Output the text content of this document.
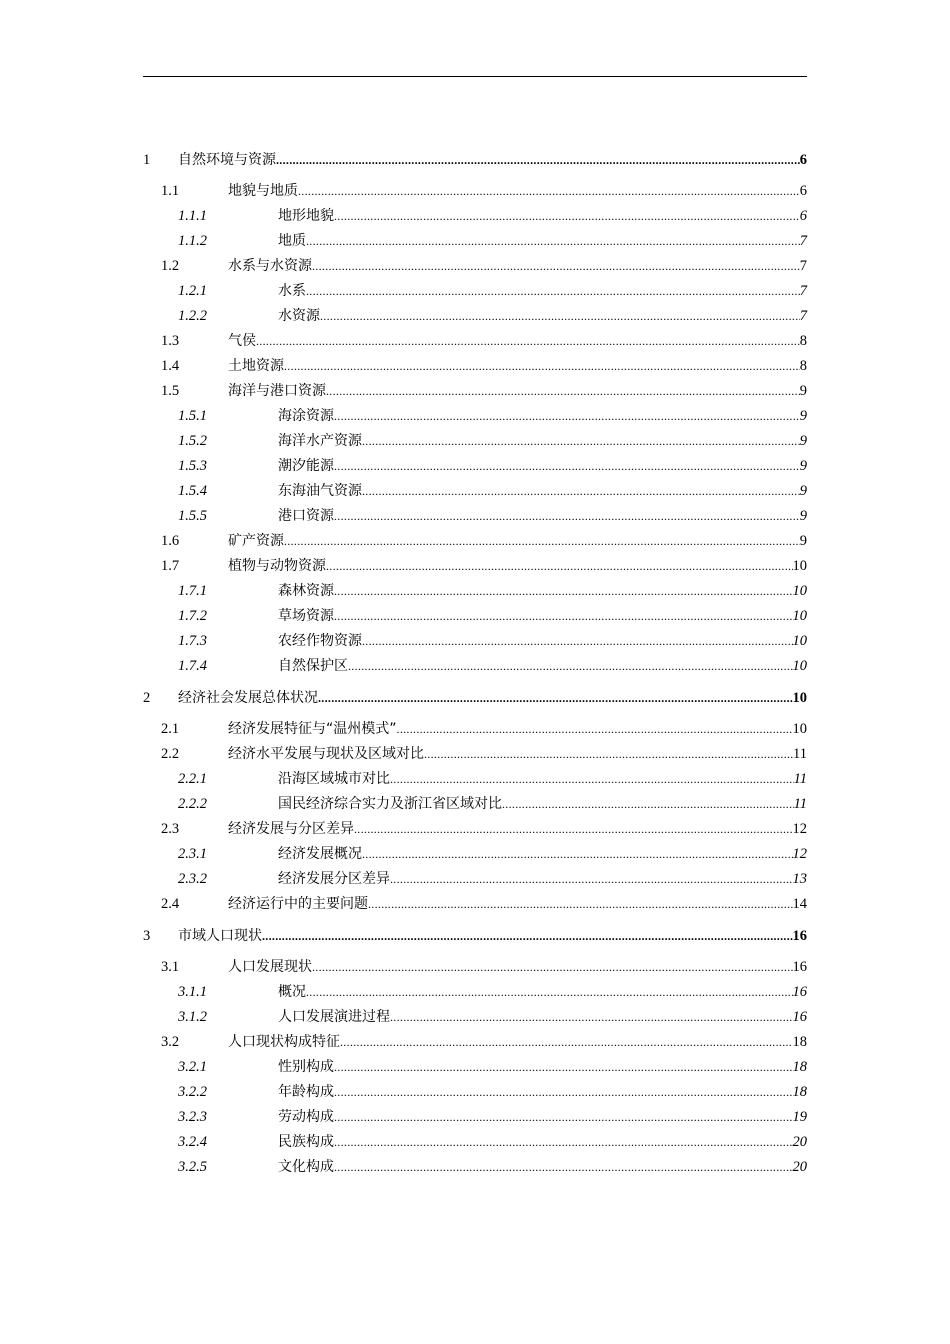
1 自然环境与资源 .....	6
1.1	地貌与地质 .....	6
1.1.1	地形地貌 .....	6
1.1.2	地质 .....	7
1.2	水系与水资源 .....	7
1.2.1	水系 .....	7
1.2.2	水资源 .....	7
1.3	气侯 .....	8
1.4	土地资源 .....	8
1.5	海洋与港口资源 .....	9
1.5.1	海涂资源 .....	9
1.5.2	海洋水产资源 .....	9
1.5.3	潮汐能源 .....	9
1.5.4	东海油气资源 .....	9
1.5.5	港口资源 .....	9
1.6	矿产资源 .....	9
1.7	植物与动物资源 .....	10
1.7.1	森林资源 .....	10
1.7.2	草场资源 .....	10
1.7.3	农经作物资源 .....	10
1.7.4	自然保护区 .....	10
2 经济社会发展总体状况 .....	10
2.1	经济发展特征与“温州模式” .....	10
2.2	经济水平发展与现状及区域对比 .....	11
2.2.1	沿海区域城市对比 .....	11
2.2.2	国民经济综合实力及浙江省区域对比 .....	11
2.3	经济发展与分区差异 .....	12
2.3.1	经济发展概况 .....	12
2.3.2	经济发展分区差异 .....	13
2.4	经济运行中的主要问题 .....	14
3 市域人口现状 .....	16
3.1	人口发展现状 .....	16
3.1.1	概况 .....	16
3.1.2	人口发展演进过程 .....	16
3.2	人口现状构成特征 .....	18
3.2.1	性别构成 .....	18
3.2.2	年龄构成 .....	18
3.2.3	劳动构成 .....	19
3.2.4	民族构成 .....	20
3.2.5	文化构成 .....	20
